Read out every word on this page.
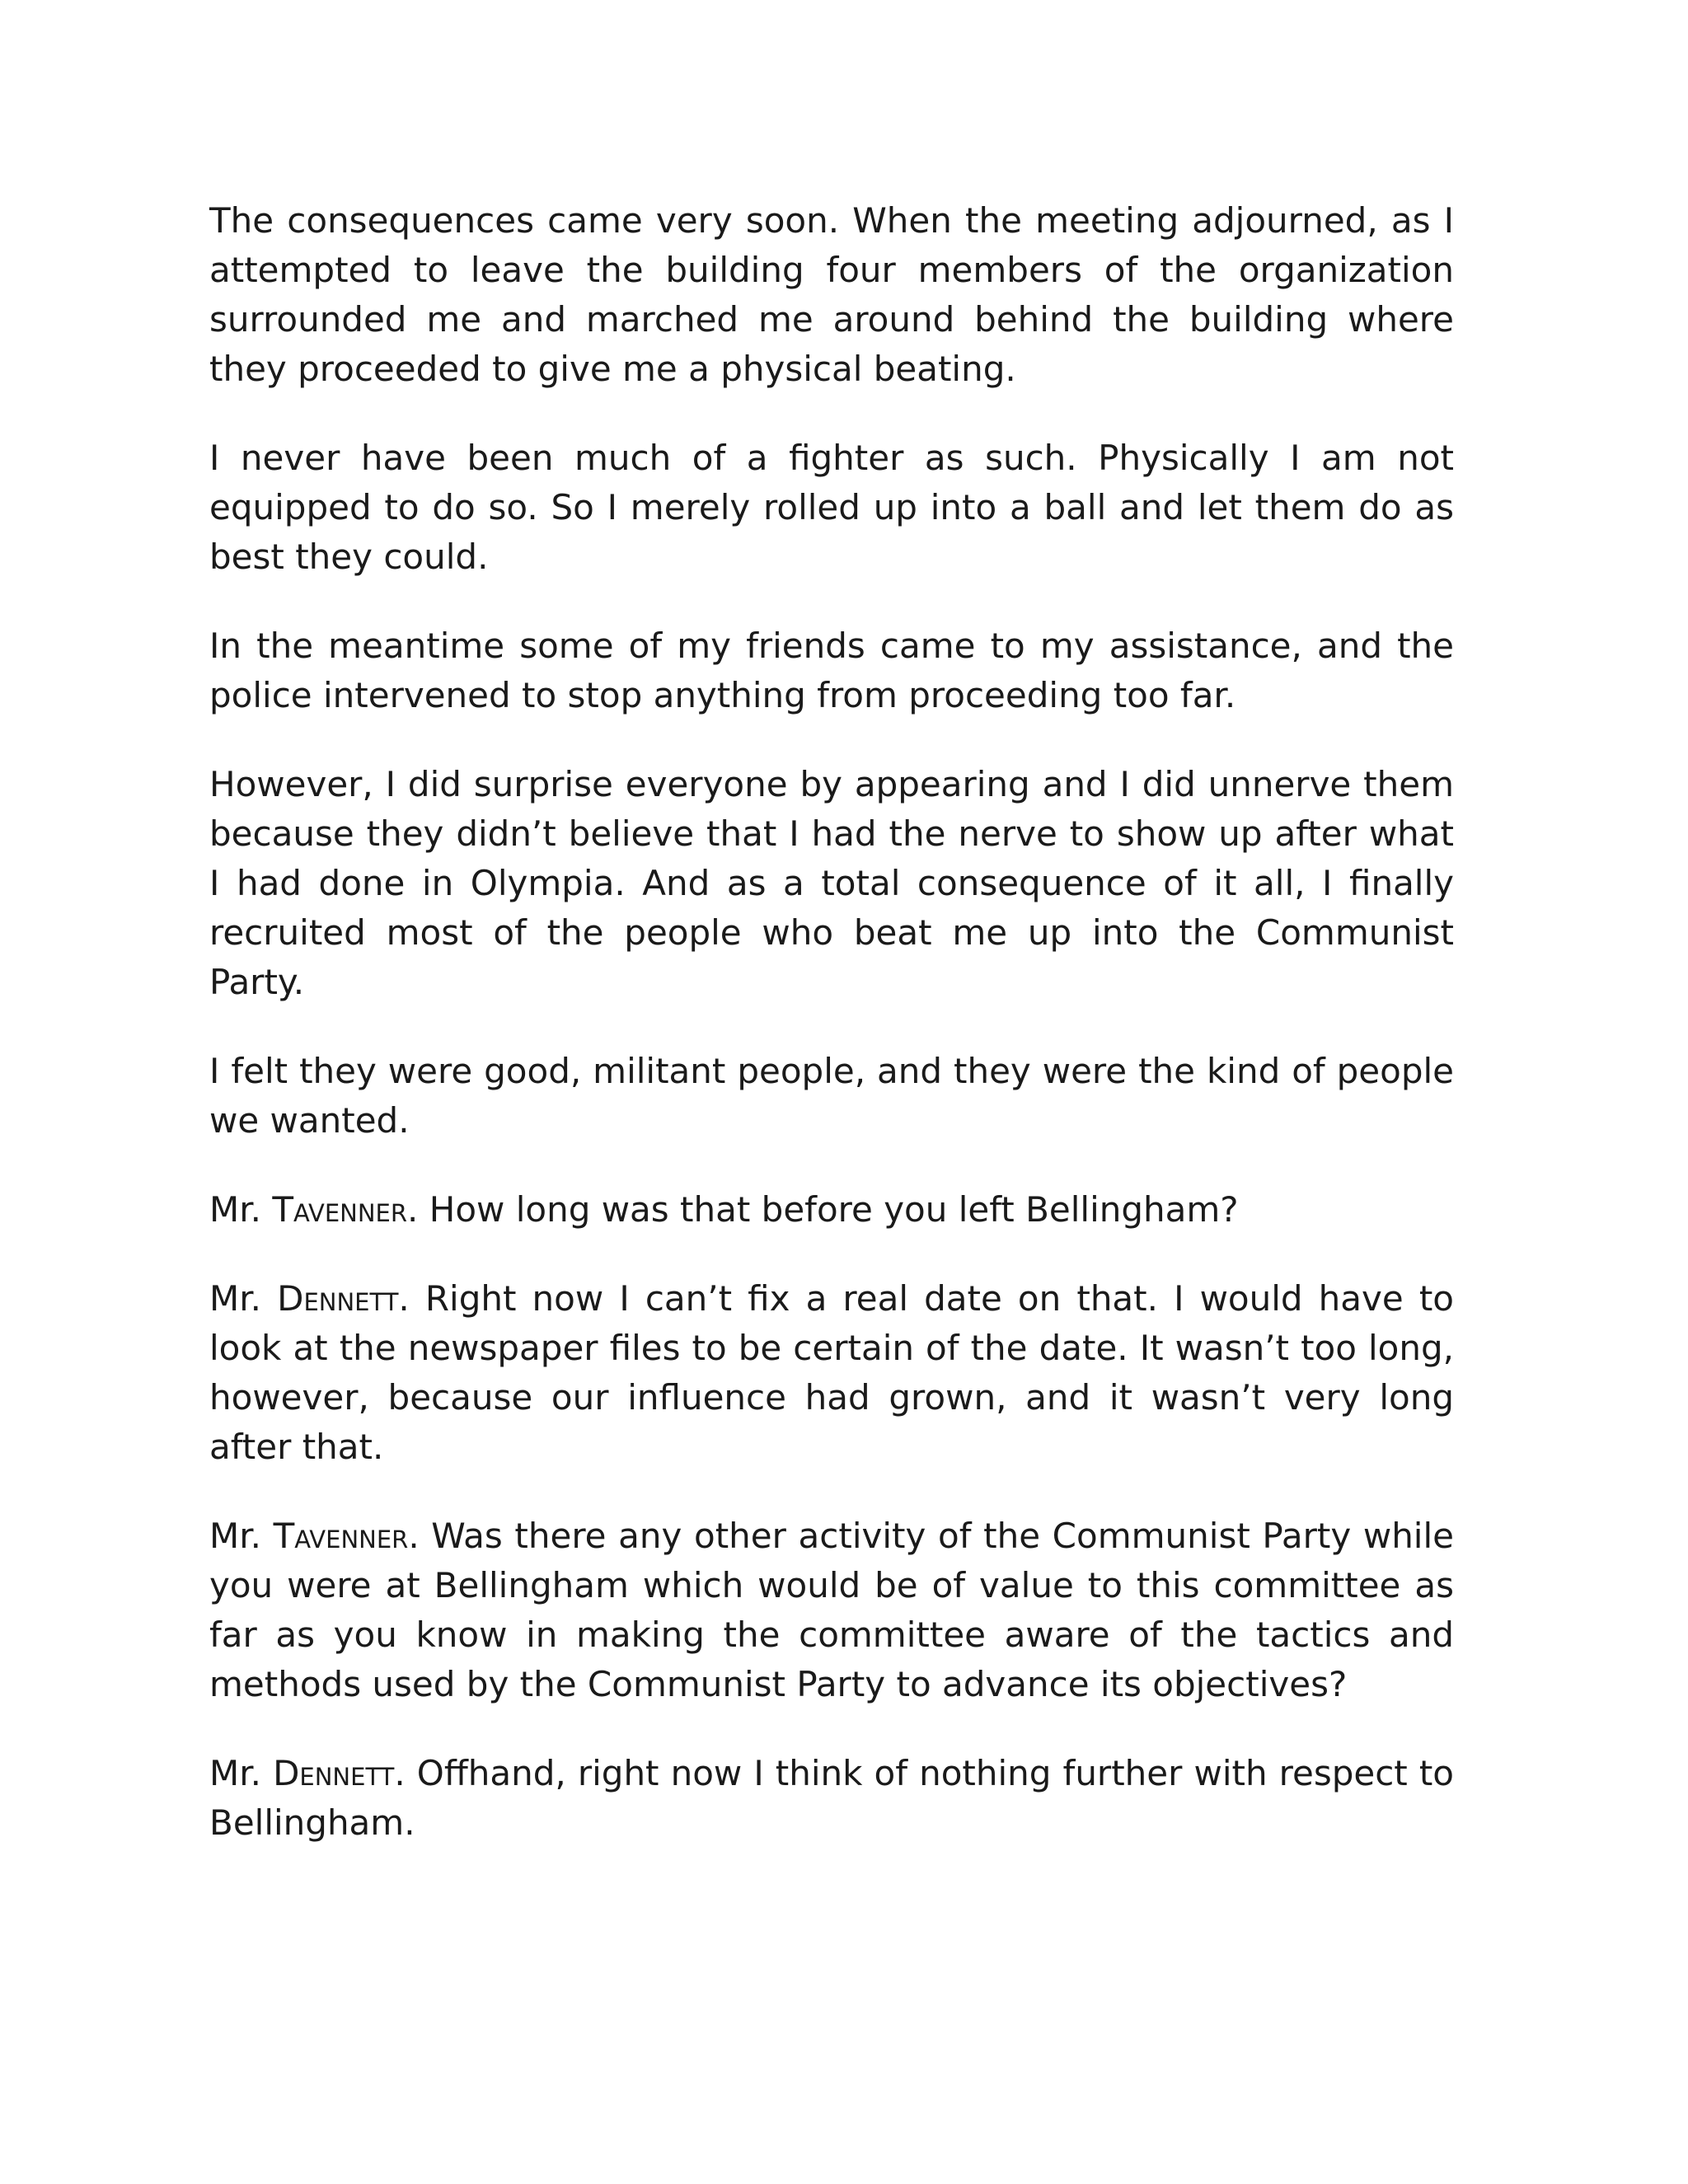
The consequences came very soon. When the meeting adjourned, as I attempted to leave the building four members of the organization surrounded me and marched me around behind the building where they proceeded to give me a physical beating.

I never have been much of a fighter as such. Physically I am not equipped to do so. So I merely rolled up into a ball and let them do as best they could.

In the meantime some of my friends came to my assistance, and the police intervened to stop anything from proceeding too far.

However, I did surprise everyone by appearing and I did unnerve them because they didn’t believe that I had the nerve to show up after what I had done in Olympia. And as a total consequence of it all, I finally recruited most of the people who beat me up into the Communist Party.

I felt they were good, militant people, and they were the kind of people we wanted.

Mr. Tavenner. How long was that before you left Bellingham?

Mr. Dennett. Right now I can’t fix a real date on that. I would have to look at the newspaper files to be certain of the date. It wasn’t too long, however, because our influence had grown, and it wasn’t very long after that.

Mr. Tavenner. Was there any other activity of the Communist Party while you were at Bellingham which would be of value to this committee as far as you know in making the committee aware of the tactics and methods used by the Communist Party to advance its objectives?

Mr. Dennett. Offhand, right now I think of nothing further with respect to Bellingham.
